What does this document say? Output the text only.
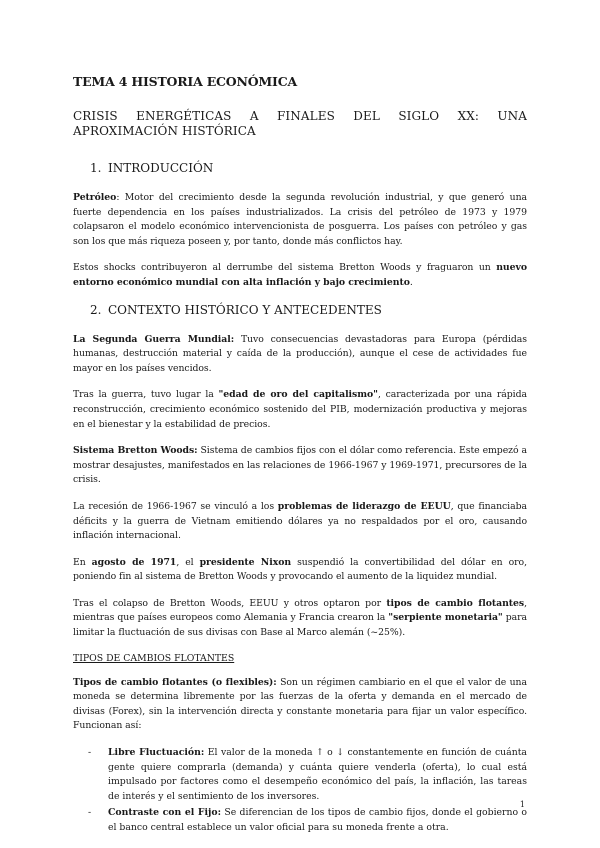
TEMA 4 HISTORIA ECONÓMICA
CRISIS ENERGÉTICAS A FINALES DEL SIGLO XX: UNA APROXIMACIÓN HISTÓRICA
1. INTRODUCCIÓN

Petróleo: Motor del crecimiento desde la segunda revolución industrial, y que generó una fuerte dependencia en los países industrializados. La crisis del petróleo de 1973 y 1979 colapsaron el modelo económico intervencionista de posguerra. Los países con petróleo y gas son los que más riqueza poseen y, por tanto, donde más conflictos hay.

Estos shocks contribuyeron al derrumbe del sistema Bretton Woods y fraguaron un nuevo entorno económico mundial con alta inflación y bajo crecimiento.

2. CONTEXTO HISTÓRICO Y ANTECEDENTES

La Segunda Guerra Mundial: Tuvo consecuencias devastadoras para Europa (pérdidas humanas, destrucción material y caída de la producción), aunque el cese de actividades fue mayor en los países vencidos.

Tras la guerra, tuvo lugar la "edad de oro del capitalismo", caracterizada por una rápida reconstrucción, crecimiento económico sostenido del PIB, modernización productiva y mejoras en el bienestar y la estabilidad de precios.

Sistema Bretton Woods: Sistema de cambios fijos con el dólar como referencia. Este empezó a mostrar desajustes, manifestados en las relaciones de 1966-1967 y 1969-1971, precursores de la crisis.

La recesión de 1966-1967 se vinculó a los problemas de liderazgo de EEUU, que financiaba déficits y la guerra de Vietnam emitiendo dólares ya no respaldados por el oro, causando inflación internacional.

En agosto de 1971, el presidente Nixon suspendió la convertibilidad del dólar en oro, poniendo fin al sistema de Bretton Woods y provocando el aumento de la liquidez mundial.

Tras el colapso de Bretton Woods, EEUU y otros optaron por tipos de cambio flotantes, mientras que países europeos como Alemania y Francia crearon la "serpiente monetaria" para limitar la fluctuación de sus divisas con Base al Marco alemán (~25%).

TIPOS DE CAMBIOS FLOTANTES

Tipos de cambio flotantes (o flexibles): Son un régimen cambiario en el que el valor de una moneda se determina libremente por las fuerzas de la oferta y demanda en el mercado de divisas (Forex), sin la intervención directa y constante monetaria para fijar un valor específico. Funcionan así:

- Libre Fluctuación: El valor de la moneda ↑ o ↓ constantemente en función de cuánta gente quiere comprarla (demanda) y cuánta quiere venderla (oferta), lo cual está impulsado por factores como el desempeño económico del país, la inflación, las tareas de interés y el sentimiento de los inversores.
- Contraste con el Fijo: Se diferencian de los tipos de cambio fijos, donde el gobierno o el banco central establece un valor oficial para su moneda frente a otra.
1
